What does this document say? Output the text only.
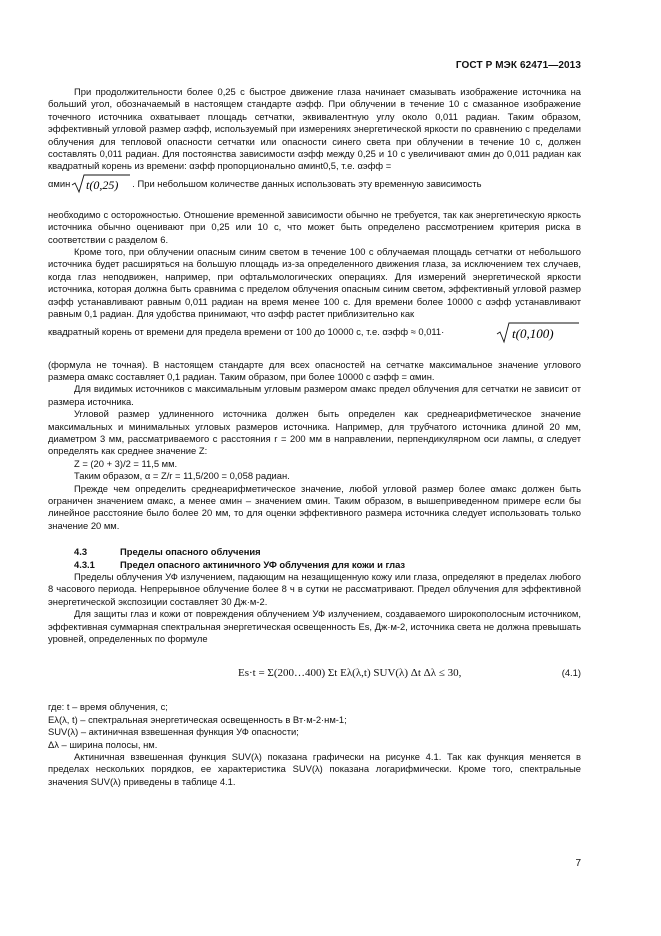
ГОСТ Р МЭК 62471—2013

При продолжительности более 0,25 с быстрое движение глаза начинает смазывать изображение источника на больший угол, обозначаемый в настоящем стандарте αэфф. При облучении в течение 10 с смазанное изображение точечного источника охватывает площадь сетчатки, эквивалентную углу около 0,011 радиан. Таким образом, эффективный угловой размер αэфф, используемый при измерениях энергетической яркости по сравнению с пределами облучения для тепловой опасности сетчатки или опасности синего света при облучении в течение 10 с, должен составлять 0,011 радиан. Для постоянства зависимости αэфф между 0,25 и 10 с увеличивают αмин до 0,011 радиан как квадратный корень из времени: αэфф пропорционально αминt0,5, т.е. αэфф =

αмин t(0,25) . При небольшом количестве данных использовать эту временную зависимость

необходимо с осторожностью. Отношение временной зависимости обычно не требуется, так как энергетическую яркость источника обычно оценивают при 0,25 или 10 с, что может быть определено рассмотрением критерия риска в соответствии с разделом 6.

Кроме того, при облучении опасным синим светом в течение 100 с облучаемая площадь сетчатки от небольшого источника будет расширяться на большую площадь из-за определенного движения глаза, за исключением тех случаев, когда глаз неподвижен, например, при офтальмологических операциях. Для измерений энергетической яркости источника, которая должна быть сравнима с пределом облучения опасным синим светом, эффективный угловой размер αэфф устанавливают равным 0,011 радиан на время менее 100 с. Для времени более 10000 с αэфф устанавливают равным 0,1 радиан. Для удобства принимают, что αэфф растет приблизительно как

квадратный корень от времени для предела времени от 100 до 10000 с, т.е. αэфф ≈ 0,011·	t(0,100)

(формула не точная). В настоящем стандарте для всех опасностей на сетчатке максимальное значение углового размера αмакс составляет 0,1 радиан. Таким образом, при более 10000 с αэфф = αмин.

Для видимых источников с максимальным угловым размером αмакс предел облучения для сетчатки не зависит от размера источника.

Угловой размер удлиненного источника должен быть определен как среднеарифметическое значение максимальных и минимальных угловых размеров источника. Например, для трубчатого источника длиной 20 мм, диаметром 3 мм, рассматриваемого с расстояния r = 200 мм в направлении, перпендикулярном оси лампы, α следует определять как среднее значение Z:

Z = (20 + 3)/2 = 11,5 мм.

Таким образом, α = Z/r = 11,5/200 = 0,058 радиан.

Прежде чем определить среднеарифметическое значение, любой угловой размер более αмакс должен быть ограничен значением αмакс, а менее αмин – значением αмин. Таким образом, в вышеприведенном примере если бы линейное расстояние было более 20 мм, то для оценки эффективного размера источника следует использовать только значение 20 мм.

4.3	Пределы опасного облучения
4.3.1	Предел опасного актиничного УФ облучения для кожи и глаз

Пределы облучения УФ излучением, падающим на незащищенную кожу или глаза, определяют в пределах любого 8 часового периода. Непрерывное облучение более 8 ч в сутки не рассматривают. Предел облучения для эффективной энергетической экспозиции составляет 30 Дж·м-2.

Для защиты глаз и кожи от повреждения облучением УФ излучением, создаваемого широкополосным источником, эффективная суммарная спектральная энергетическая освещенность Es, Дж·м-2, источника света не должна превышать уровней, определенных по формуле

Es·t = Σ(200…400) Σt Eλ(λ,t) SUV(λ) Δt Δλ ≤ 30,	(4.1)

где: t – время облучения, с;

Eλ(λ, t) – спектральная энергетическая освещенность в Вт·м-2·нм-1;

SUV(λ) – актиничная взвешенная функция УФ опасности;

Δλ – ширина полосы, нм.

Актиничная взвешенная функция SUV(λ) показана графически на рисунке 4.1. Так как функция меняется в пределах нескольких порядков, ее характеристика SUV(λ) показана логарифмически. Кроме того, спектральные значения SUV(λ) приведены в таблице 4.1.

7
